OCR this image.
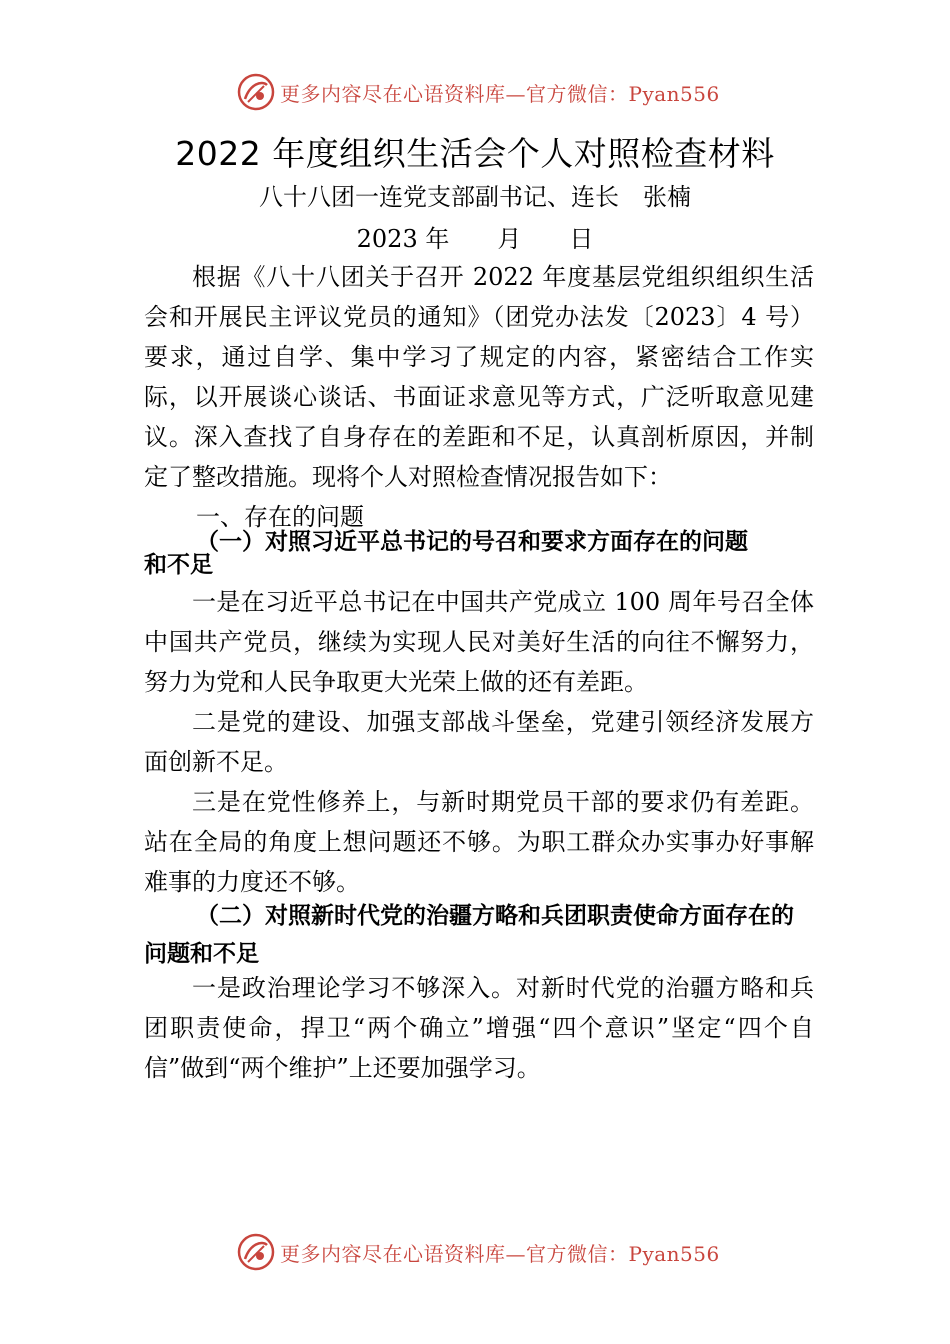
更多内容尽在心语资料库—官方微信：Pyan556
2022 年度组织生活会个人对照检查材料
八十八团一连党支部副书记、连长　张楠
2023 年　　月　　日

根据《八十八团关于召开 2022 年度基层党组织组织生活会和开展民主评议党员的通知》（团党办法发〔2023〕4 号）要求，通过自学、集中学习了规定的内容，紧密结合工作实际，以开展谈心谈话、书面证求意见等方式，广泛听取意见建议。深入查找了自身存在的差距和不足，认真剖析原因，并制定了整改措施。现将个人对照检查情况报告如下：

一、存在的问题

（一）对照习近平总书记的号召和要求方面存在的问题

和不足

一是在习近平总书记在中国共产党成立 100 周年号召全体中国共产党员，继续为实现人民对美好生活的向往不懈努力，努力为党和人民争取更大光荣上做的还有差距。

二是党的建设、加强支部战斗堡垒，党建引领经济发展方面创新不足。

三是在党性修养上，与新时期党员干部的要求仍有差距。站在全局的角度上想问题还不够。为职工群众办实事办好事解难事的力度还不够。

（二）对照新时代党的治疆方略和兵团职责使命方面存在的问题和不足

一是政治理论学习不够深入。对新时代党的治疆方略和兵团职责使命，捍卫“两个确立”增强“四个意识”坚定“四个自信”做到“两个维护”上还要加强学习。

更多内容尽在心语资料库—官方微信：Pyan556
